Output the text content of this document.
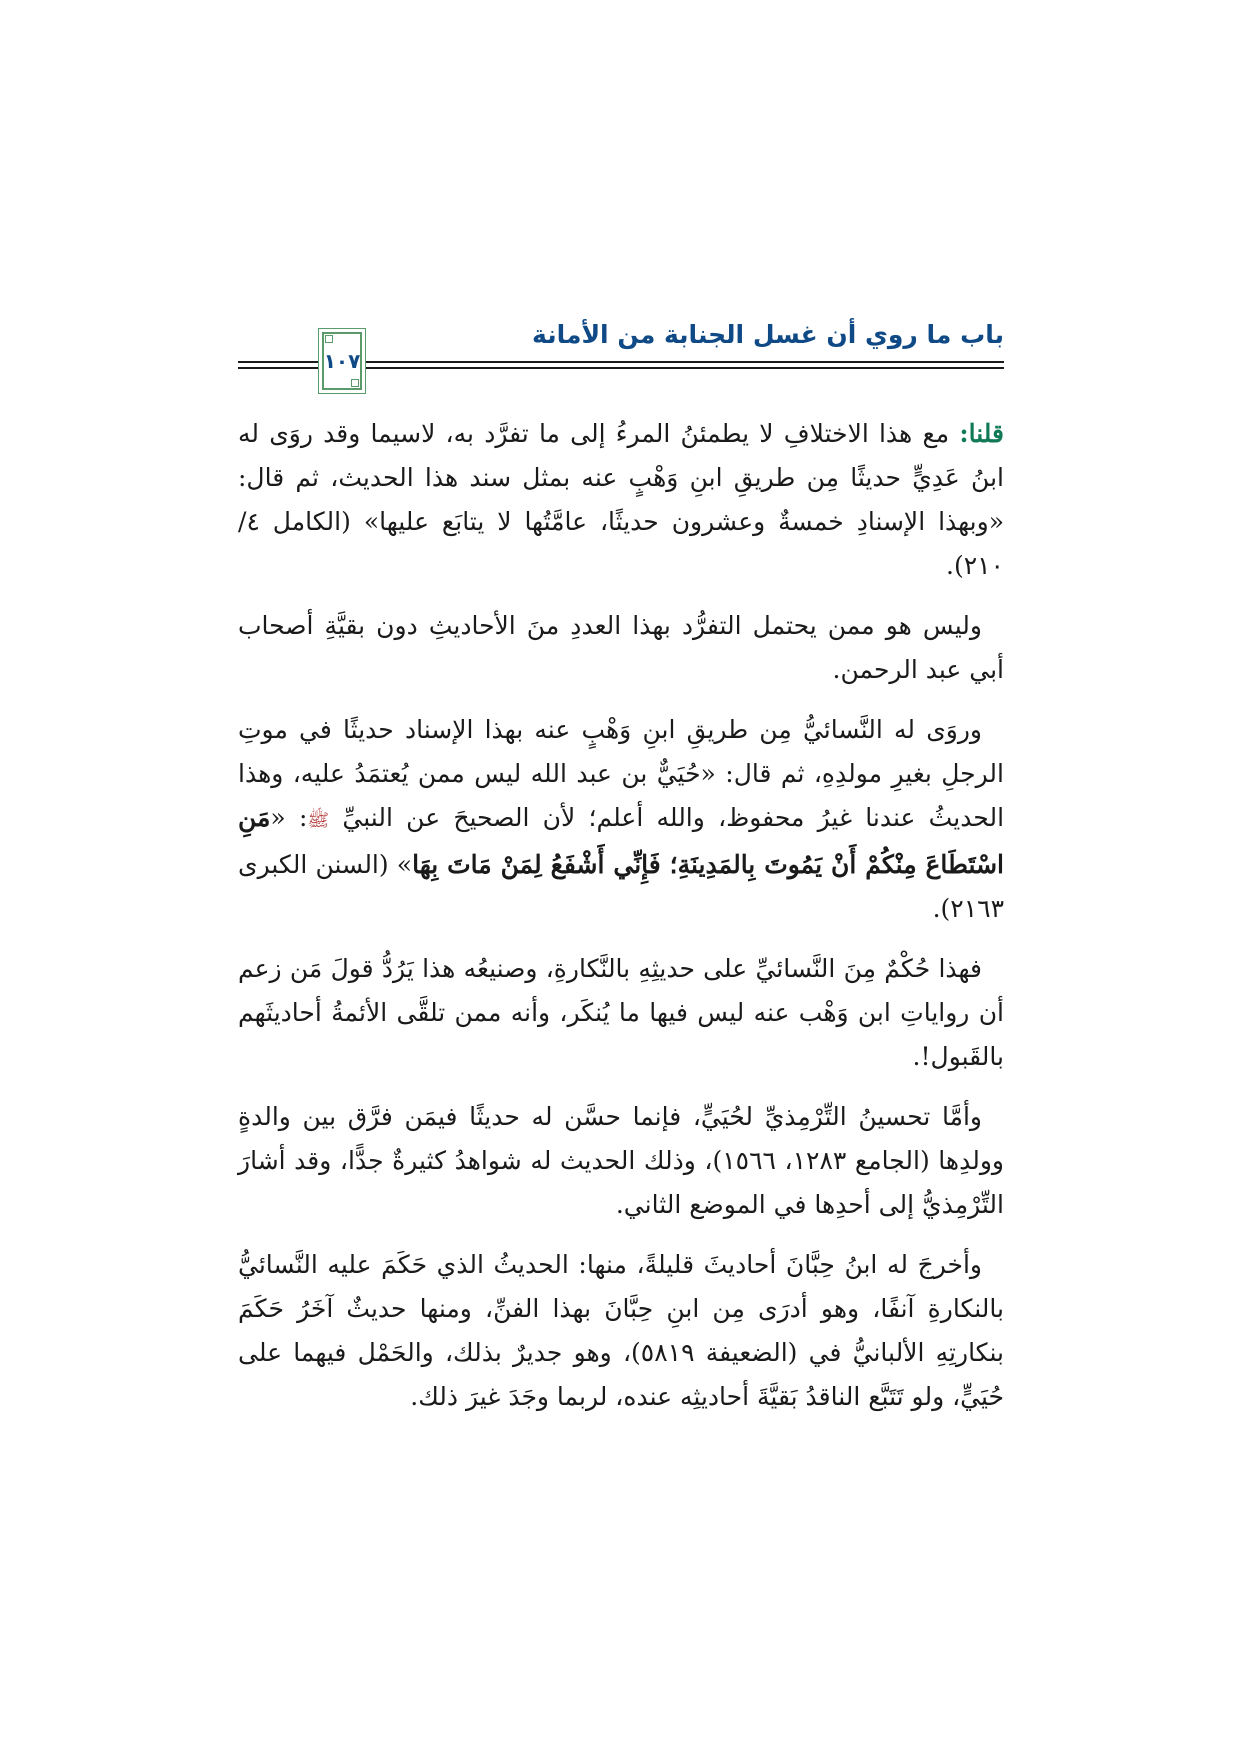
باب ما روي أن غسل الجنابة من الأمانة
١٠٧

قلنا: مع هذا الاختلافِ لا يطمئنُ المرءُ إلى ما تفرَّد به، لاسيما وقد روَى له ابنُ عَدِيٍّ حديثًا مِن طريقِ ابنِ وَهْبٍ عنه بمثل سند هذا الحديث، ثم قال: «وبهذا الإسنادِ خمسةٌ وعشرون حديثًا، عامَّتُها لا يتابَع عليها» (الكامل ٤/ ٢١٠).

وليس هو ممن يحتمل التفرُّد بهذا العددِ منَ الأحاديثِ دون بقيَّةِ أصحاب أبي عبد الرحمن.

وروَى له النَّسائيُّ مِن طريقِ ابنِ وَهْبٍ عنه بهذا الإسناد حديثًا في موتِ الرجلِ بغيرِ مولدِهِ، ثم قال: «حُيَيٌّ بن عبد الله ليس ممن يُعتمَدُ عليه، وهذا الحديثُ عندنا غيرُ محفوظ، والله أعلم؛ لأن الصحيحَ عن النبيِّ ﷺ: «مَنِ اسْتَطَاعَ مِنْكُمْ أَنْ يَمُوتَ بِالمَدِينَةِ؛ فَإِنِّي أَشْفَعُ لِمَنْ مَاتَ بِهَا» (السنن الكبرى ٢١٦٣).

فهذا حُكْمٌ مِنَ النَّسائيِّ على حديثِهِ بالنَّكارةِ، وصنيعُه هذا يَرُدُّ قولَ مَن زعم أن رواياتِ ابن وَهْب عنه ليس فيها ما يُنكَر، وأنه ممن تلقَّى الأئمةُ أحاديثَهم بالقَبول!.

وأمَّا تحسينُ التِّرْمِذيِّ لحُيَيٍّ، فإنما حسَّن له حديثًا فيمَن فرَّق بين والدةٍ وولدِها (الجامع ١٢٨٣، ١٥٦٦)، وذلك الحديث له شواهدُ كثيرةٌ جدًّا، وقد أشارَ التِّرْمِذيُّ إلى أحدِها في الموضع الثاني.

وأخرجَ له ابنُ حِبَّانَ أحاديثَ قليلةً، منها: الحديثُ الذي حَكَمَ عليه النَّسائيُّ بالنكارةِ آنفًا، وهو أدرَى مِن ابنِ حِبَّانَ بهذا الفنِّ، ومنها حديثٌ آخَرُ حَكَمَ بنكارتِهِ الألبانيُّ في (الضعيفة ٥٨١٩)، وهو جديرٌ بذلك، والحَمْل فيهما على حُيَيٍّ، ولو تَتَبَّع الناقدُ بَقيَّةَ أحاديثِه عنده، لربما وجَدَ غيرَ ذلك.
